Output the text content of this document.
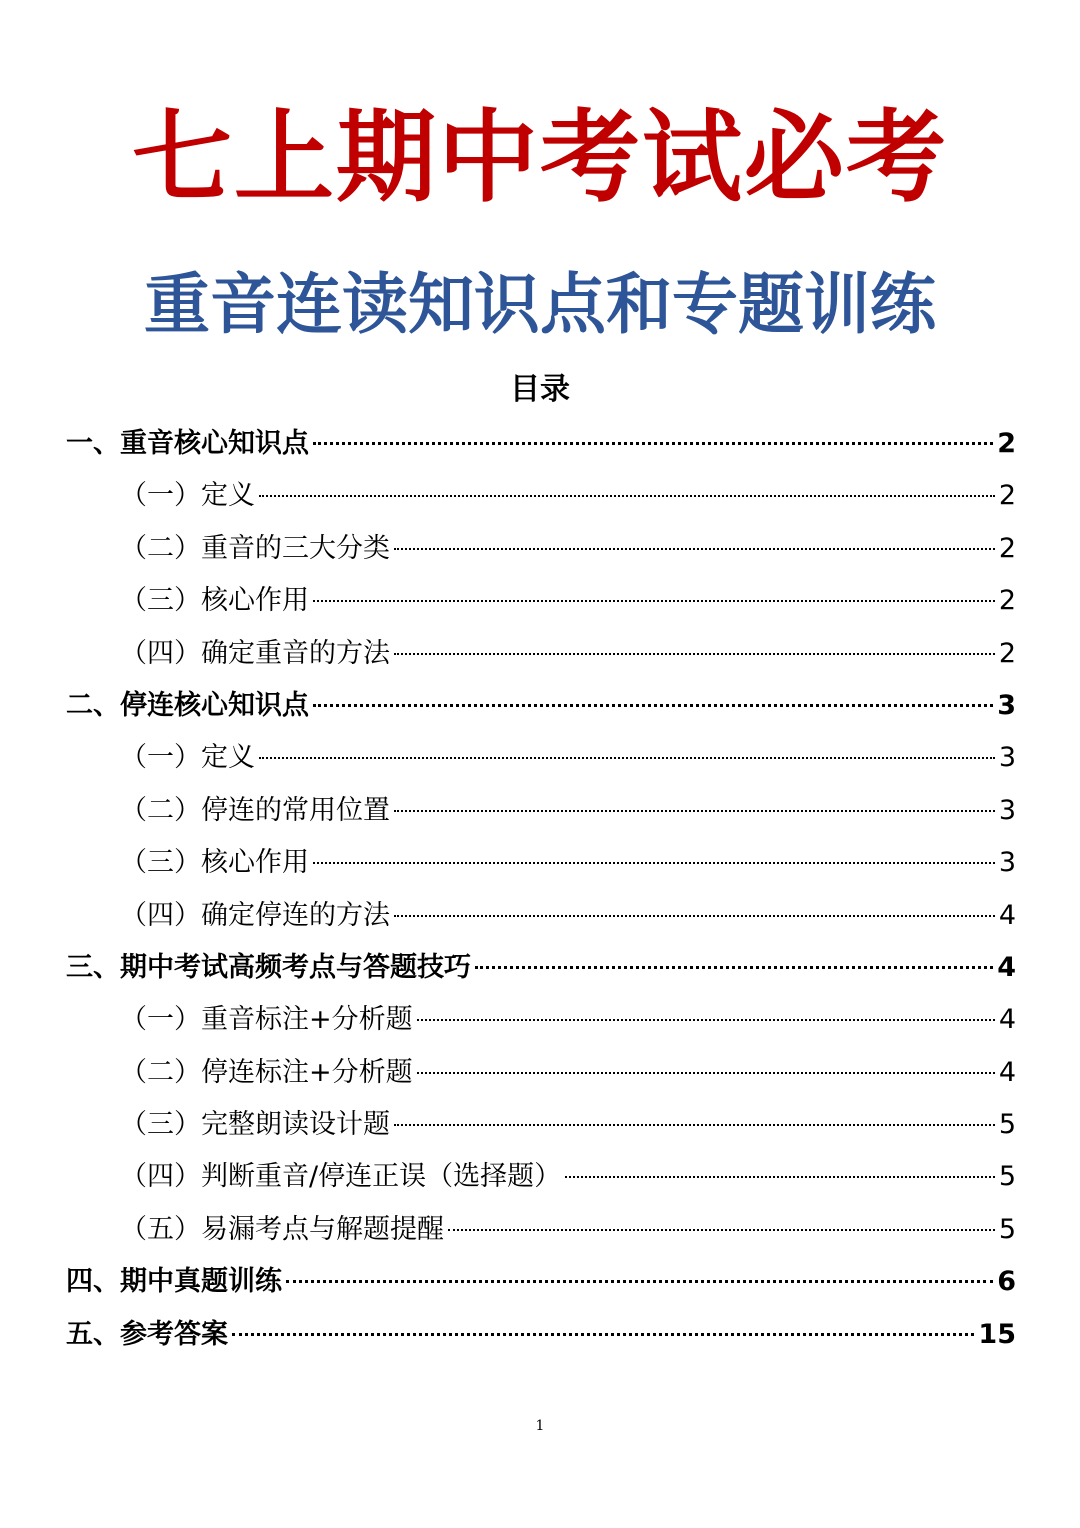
七上期中考试必考
重音连读知识点和专题训练
目录
一、重音核心知识点	2
（一）定义	2
（二）重音的三大分类	2
（三）核心作用	2
（四）确定重音的方法	2
二、停连核心知识点	3
（一）定义	3
（二）停连的常用位置	3
（三）核心作用	3
（四）确定停连的方法	4
三、期中考试高频考点与答题技巧	4
（一）重音标注+分析题	4
（二）停连标注+分析题	4
（三）完整朗读设计题	5
（四）判断重音/停连正误（选择题）	5
（五）易漏考点与解题提醒	5
四、期中真题训练	6
五、参考答案	15
1
